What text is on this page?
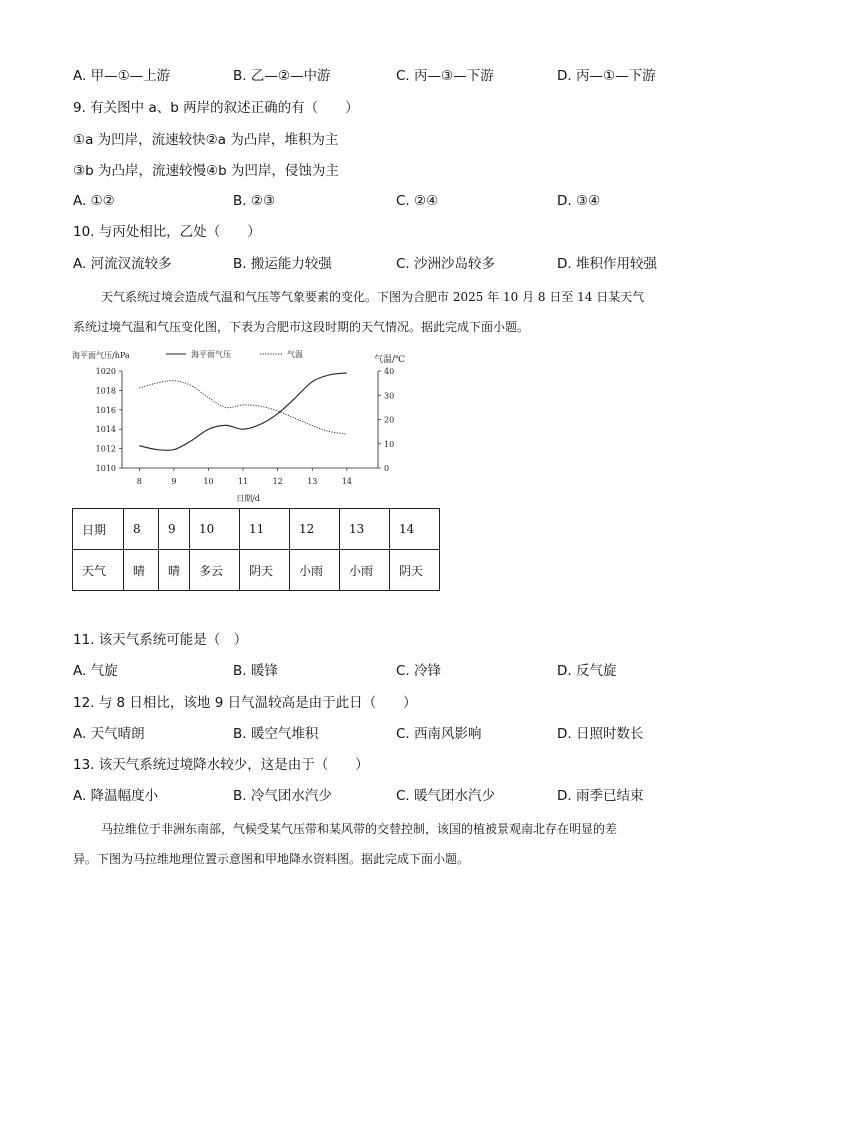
A. 甲—①—上游	B. 乙—②—中游	C. 丙—③—下游	D. 丙—①—下游
9. 有关图中 a、b 两岸的叙述正确的有（　　）
①a 为凹岸，流速较快②a 为凸岸，堆积为主
③b 为凸岸，流速较慢④b 为凹岸，侵蚀为主
A. ①②	B. ②③	C. ②④	D. ③④
10. 与丙处相比，乙处（　　）
A. 河流汊流较多	B. 搬运能力较强	C. 沙洲沙岛较多	D. 堆积作用较强
天气系统过境会造成气温和气压等气象要素的变化。下图为合肥市 2025 年 10 月 8 日至 14 日某天气
系统过境气温和气压变化图，下表为合肥市这段时期的天气情况。据此完成下面小题。
1010
1012
1014
1016
1018
1020
0
10
20
30
40
8	9	10	11	12	13	14
海平面气压/hPa	气温/℃
日期/d
海平面气压	气温
日期	8	9	10	11	12	13	14
天气	晴	晴	多云	阴天	小雨	小雨	阴天
11. 该天气系统可能是（　）
A. 气旋	B. 暖锋	C. 冷锋	D. 反气旋
12. 与 8 日相比，该地 9 日气温较高是由于此日（　　）
A. 天气晴朗	B. 暖空气堆积	C. 西南风影响	D. 日照时数长
13. 该天气系统过境降水较少，这是由于（　　）
A. 降温幅度小	B. 冷气团水汽少	C. 暖气团水汽少	D. 雨季已结束
马拉维位于非洲东南部，气候受某气压带和某风带的交替控制，该国的植被景观南北存在明显的差
异。下图为马拉维地理位置示意图和甲地降水资料图。据此完成下面小题。
